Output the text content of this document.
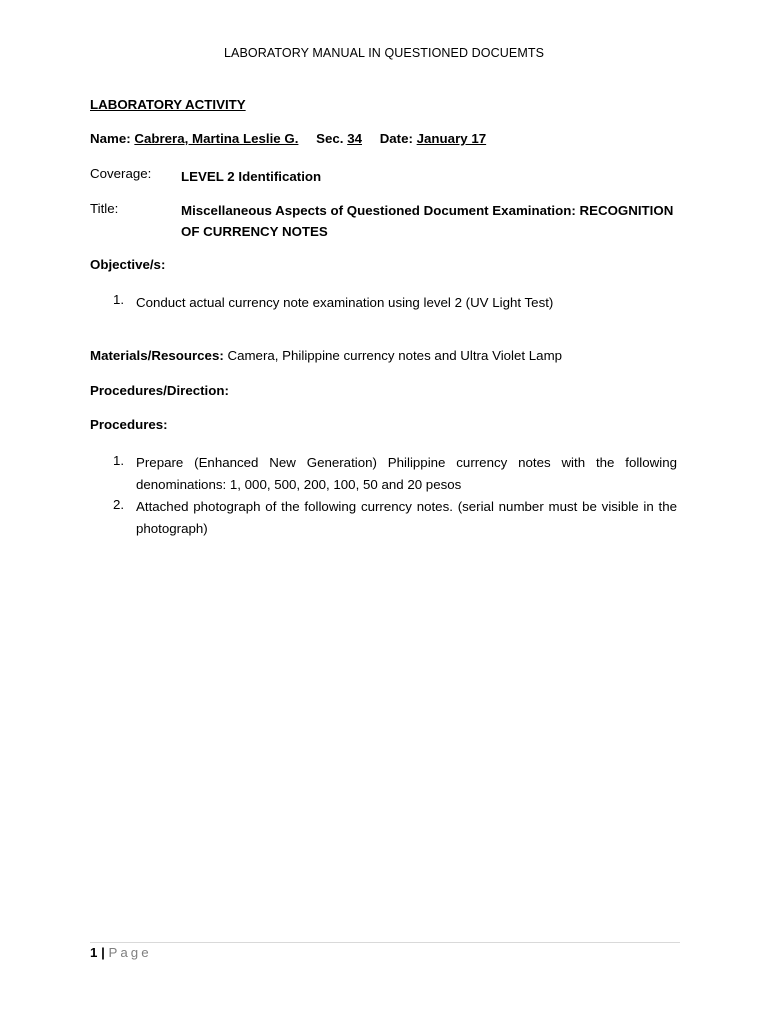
LABORATORY MANUAL IN QUESTIONED DOCUEMTS
LABORATORY ACTIVITY
Name: Cabrera, Martina Leslie G. Sec. 34 Date: January 17
Coverage: LEVEL 2 Identification
Title:	Miscellaneous Aspects of Questioned Document Examination: RECOGNITION OF CURRENCY NOTES
Objective/s:
1. Conduct actual currency note examination using level 2 (UV Light Test)
Materials/Resources: Camera, Philippine currency notes and Ultra Violet Lamp
Procedures/Direction:
Procedures:
1. Prepare (Enhanced New Generation) Philippine currency notes with the following denominations: 1, 000, 500, 200, 100, 50 and 20 pesos
2. Attached photograph of the following currency notes. (serial number must be visible in the photograph)
1 | Page
